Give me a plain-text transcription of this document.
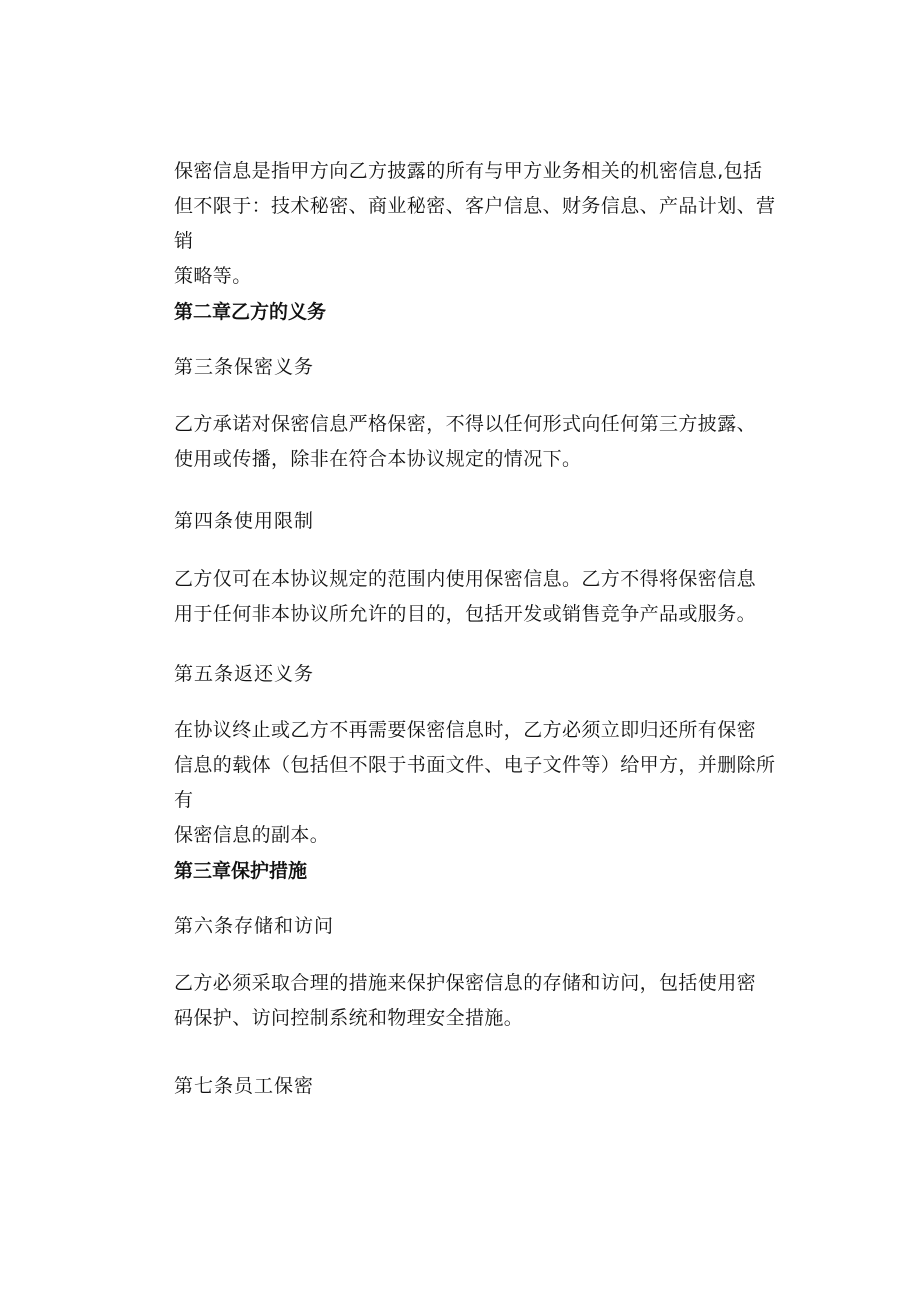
保密信息是指甲方向乙方披露的所有与甲方业务相关的机密信息,包括
但不限于：技术秘密、商业秘密、客户信息、财务信息、产品计划、营销
策略等。

第二章乙方的义务

第三条保密义务

乙方承诺对保密信息严格保密，不得以任何形式向任何第三方披露、
使用或传播，除非在符合本协议规定的情况下。

第四条使用限制

乙方仅可在本协议规定的范围内使用保密信息。乙方不得将保密信息
用于任何非本协议所允许的目的，包括开发或销售竞争产品或服务。

第五条返还义务

在协议终止或乙方不再需要保密信息时，乙方必须立即归还所有保密
信息的载体（包括但不限于书面文件、电子文件等）给甲方，并删除所有
保密信息的副本。

第三章保护措施

第六条存储和访问

乙方必须采取合理的措施来保护保密信息的存储和访问，包括使用密
码保护、访问控制系统和物理安全措施。

第七条员工保密
